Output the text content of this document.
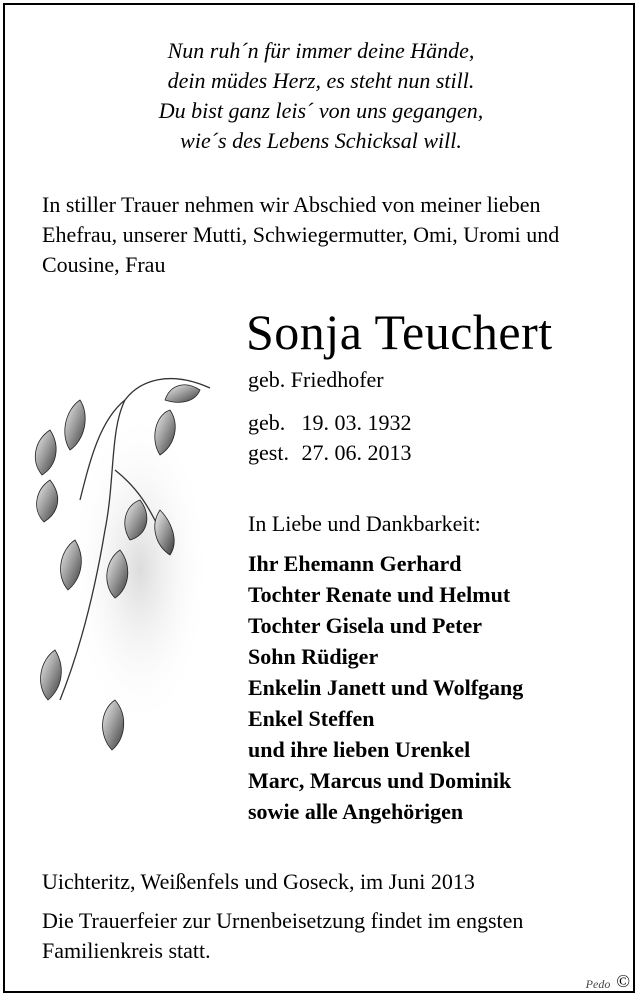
Nun ruh´n für immer deine Hände,
dein müdes Herz, es steht nun still.
Du bist ganz leis´ von uns gegangen,
wie´s des Lebens Schicksal will.
In stiller Trauer nehmen wir Abschied von meiner lieben Ehefrau, unserer Mutti, Schwiegermutter, Omi, Uromi und Cousine, Frau
Sonja Teuchert
geb. Friedhofer
geb. 19. 03. 1932
gest. 27. 06. 2013
In Liebe und Dankbarkeit:
Ihr Ehemann Gerhard
Tochter Renate und Helmut
Tochter Gisela und Peter
Sohn Rüdiger
Enkelin Janett und Wolfgang
Enkel Steffen
und ihre lieben Urenkel
Marc, Marcus und Dominik
sowie alle Angehörigen
Uichteritz, Weißenfels und Goseck, im Juni 2013
Die Trauerfeier zur Urnenbeisetzung findet im engsten Familienkreis statt.
Pedo ©
